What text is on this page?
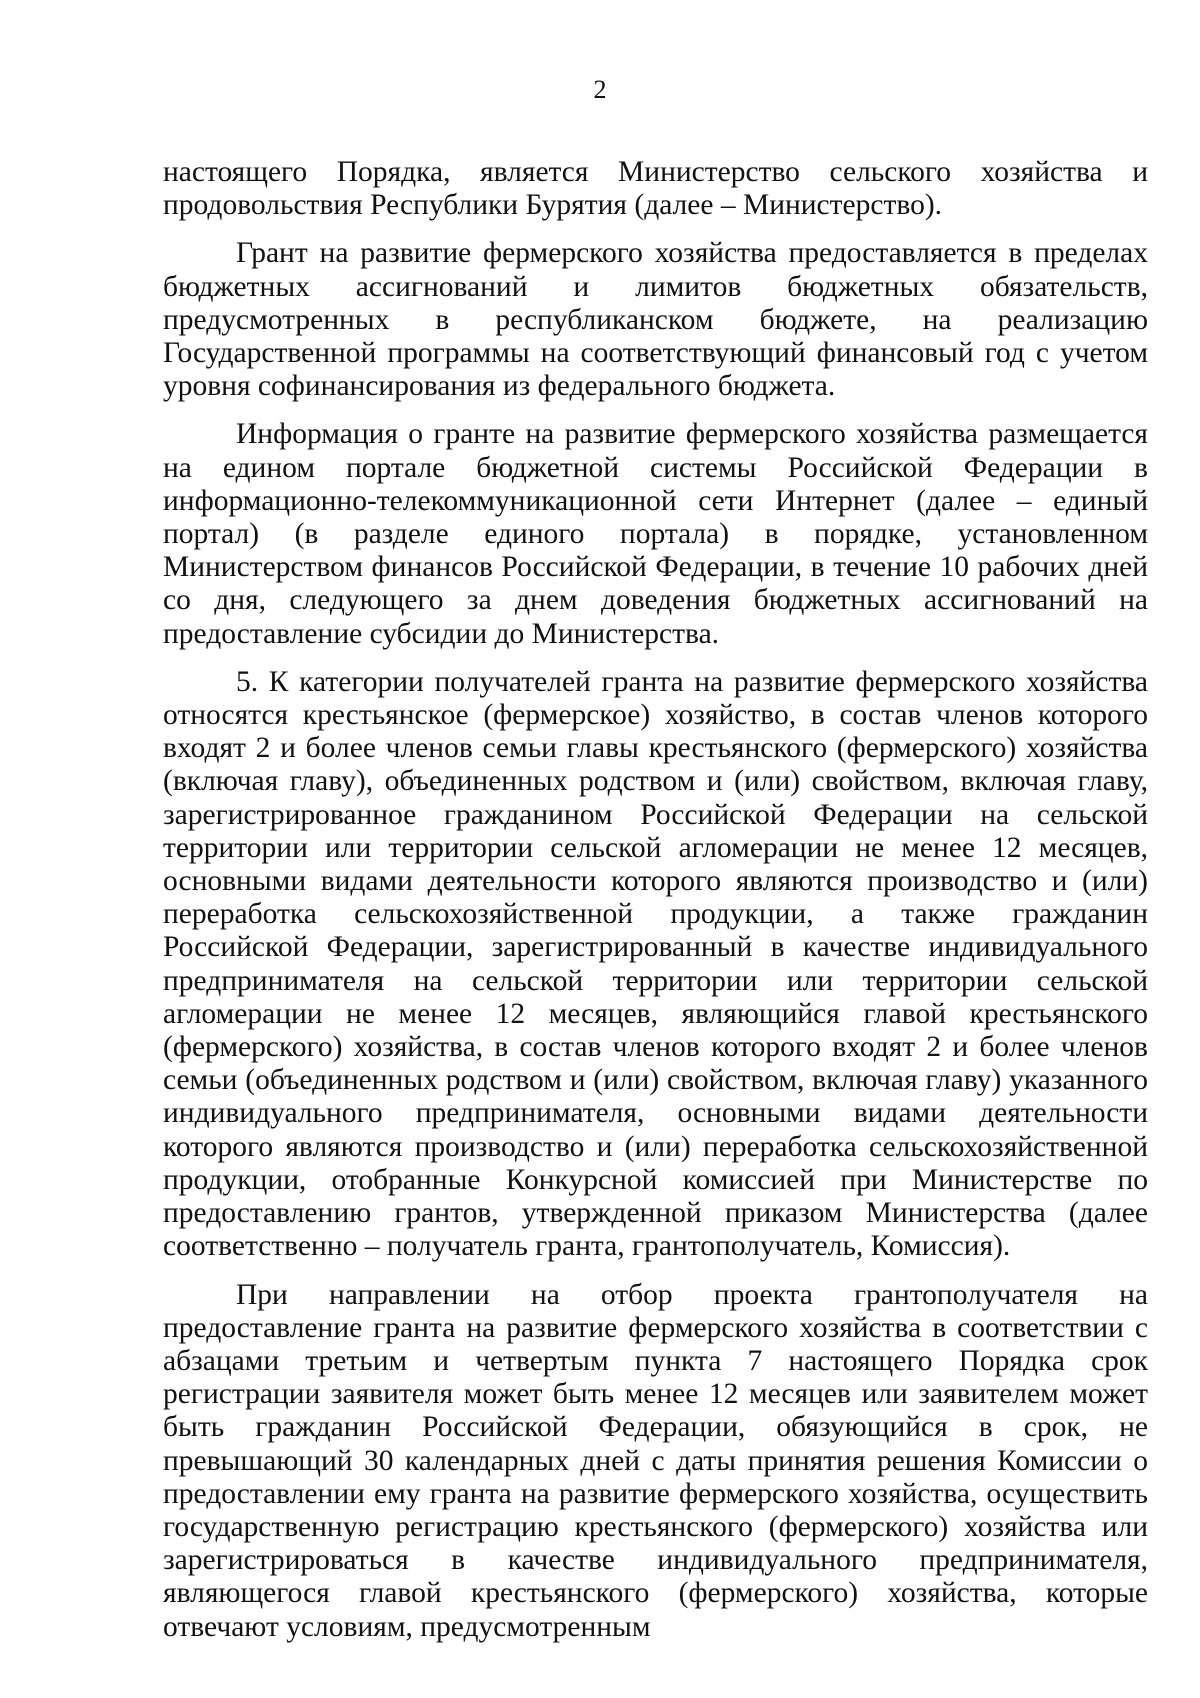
2

настоящего Порядка, является Министерство сельского хозяйства и продовольствия Республики Бурятия (далее – Министерство).

Грант на развитие фермерского хозяйства предоставляется в пределах бюджетных ассигнований и лимитов бюджетных обязательств, предусмотренных в республиканском бюджете, на реализацию Государственной программы на соответствующий финансовый год с учетом уровня софинансирования из федерального бюджета.

Информация о гранте на развитие фермерского хозяйства размещается на едином портале бюджетной системы Российской Федерации в информационно-телекоммуникационной сети Интернет (далее – единый портал) (в разделе единого портала) в порядке, установленном Министерством финансов Российской Федерации, в течение 10 рабочих дней со дня, следующего за днем доведения бюджетных ассигнований на предоставление субсидии до Министерства.

5. К категории получателей гранта на развитие фермерского хозяйства относятся крестьянское (фермерское) хозяйство, в состав членов которого входят 2 и более членов семьи главы крестьянского (фермерского) хозяйства (включая главу), объединенных родством и (или) свойством, включая главу, зарегистрированное гражданином Российской Федерации на сельской территории или территории сельской агломерации не менее 12 месяцев, основными видами деятельности которого являются производство и (или) переработка сельскохозяйственной продукции, а также гражданин Российской Федерации, зарегистрированный в качестве индивидуального предпринимателя на сельской территории или территории сельской агломерации не менее 12 месяцев, являющийся главой крестьянского (фермерского) хозяйства, в состав членов которого входят 2 и более членов семьи (объединенных родством и (или) свойством, включая главу) указанного индивидуального предпринимателя, основными видами деятельности которого являются производство и (или) переработка сельскохозяйственной продукции, отобранные Конкурсной комиссией при Министерстве по предоставлению грантов, утвержденной приказом Министерства (далее соответственно – получатель гранта, грантополучатель, Комиссия).

При направлении на отбор проекта грантополучателя на предоставление гранта на развитие фермерского хозяйства в соответствии с абзацами третьим и четвертым пункта 7 настоящего Порядка срок регистрации заявителя может быть менее 12 месяцев или заявителем может быть гражданин Российской Федерации, обязующийся в срок, не превышающий 30 календарных дней с даты принятия решения Комиссии о предоставлении ему гранта на развитие фермерского хозяйства, осуществить государственную регистрацию крестьянского (фермерского) хозяйства или зарегистрироваться в качестве индивидуального предпринимателя, являющегося главой крестьянского (фермерского) хозяйства, которые отвечают условиям, предусмотренным
